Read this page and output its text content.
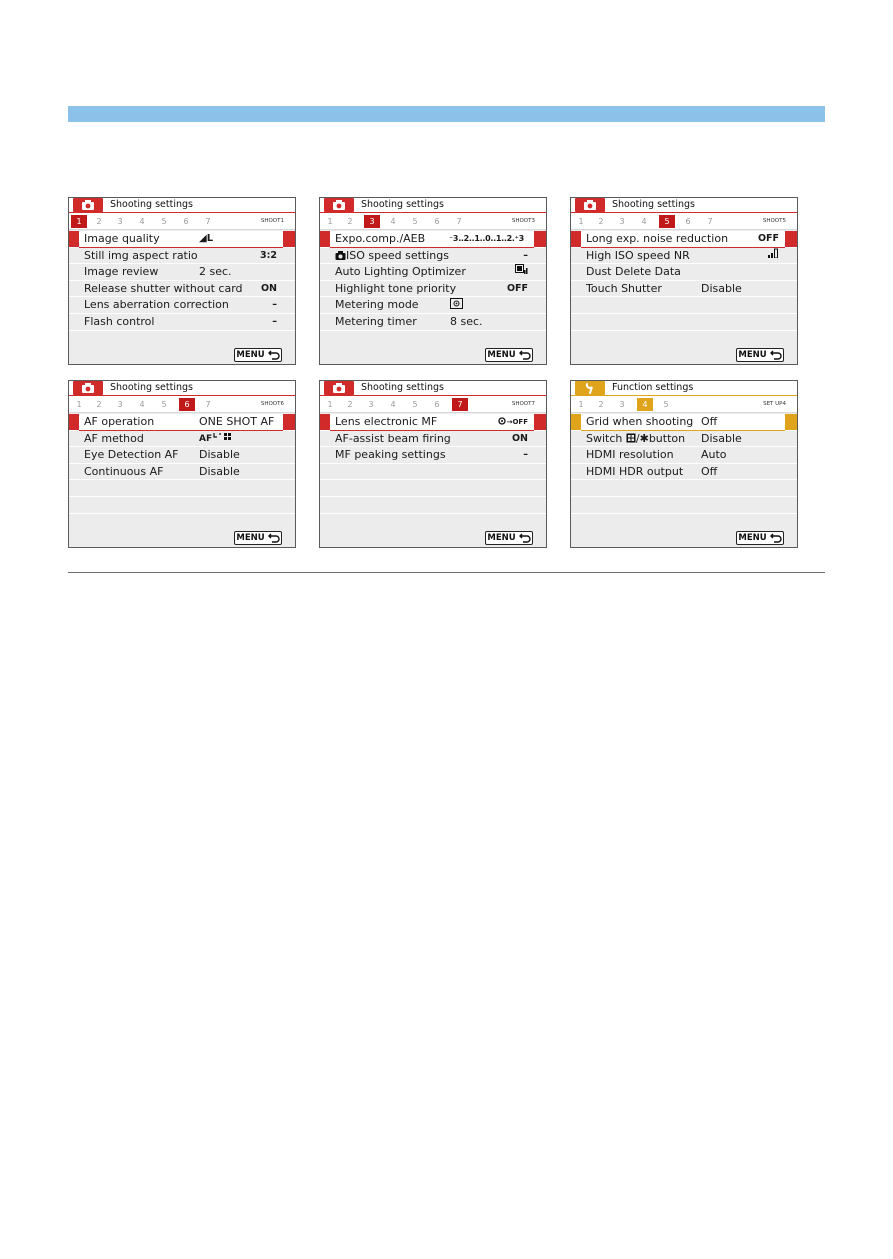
Shooting settings
1	2	3	4	5	6	7	SHOOT1
Image quality	◢L
Still img aspect ratio	3:2
Image review	2 sec.
Release shutter without card ON
Lens aberration correction	–
Flash control	–
MENU
Shooting settings
1	2	3	4	5	6	7	SHOOT3
Expo.comp./AEB	⁻3..2..1..0..1..2.⁺3
ISO speed settings	–
Auto Lighting Optimizer
Highlight tone priority	OFF
Metering mode
Metering timer	8 sec.
MENU
Shooting settings
1	2	3	4	5	6	7	SHOOT5
Long exp. noise reduction	OFF
High ISO speed NR
Dust Delete Data
Touch Shutter	Disable
MENU
Shooting settings
1	2	3	4	5	6	7	SHOOT6
AF operation	ONE SHOT AF
AF method	AF
Eye Detection AF Disable
Continuous AF	Disable
MENU
Shooting settings
1	2	3	4	5	6	7	SHOOT7
Lens electronic MF	→OFF
AF-assist beam firing	ON
MF peaking settings	–
MENU
Function settings
1	2	3	4	5	SET UP4
Grid when shooting Off
Switch /✱button Disable
HDMI resolution Auto
HDMI HDR output Off
MENU
